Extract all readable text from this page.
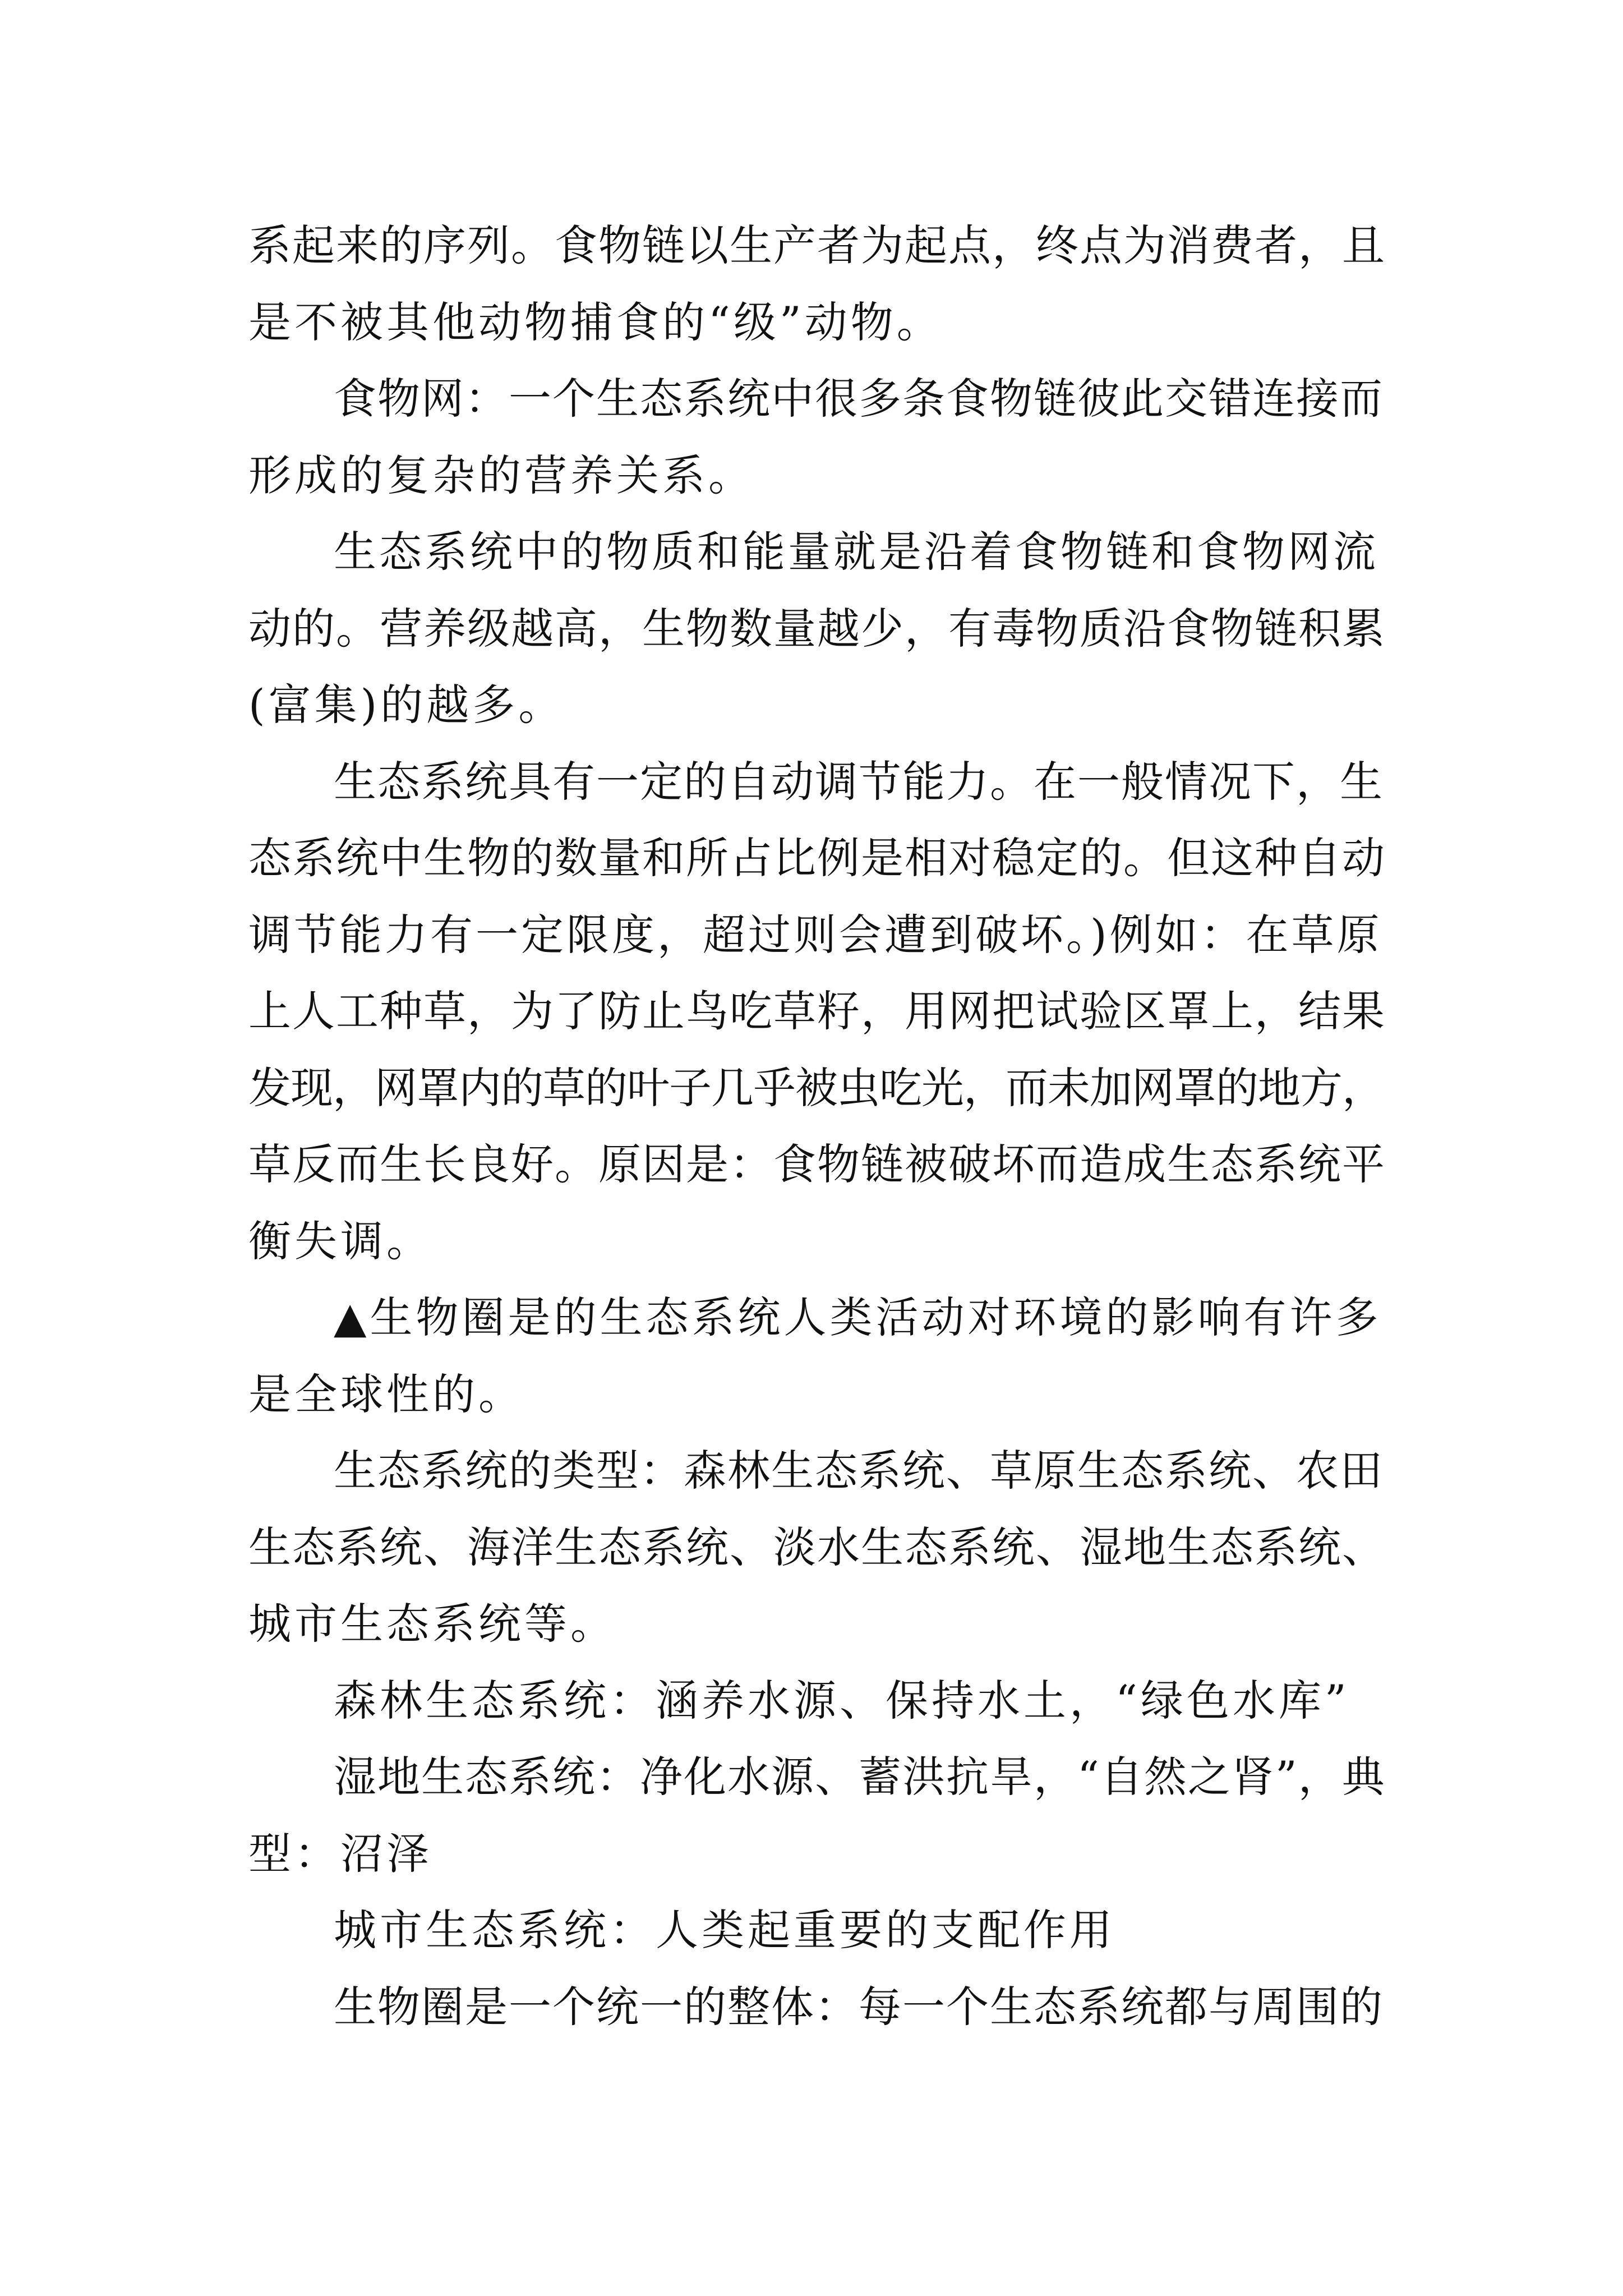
系起来的序列。食物链以生产者为起点，终点为消费者，且
是不被其他动物捕食的“级”动物。
食物网：一个生态系统中很多条食物链彼此交错连接而
形成的复杂的营养关系。
生态系统中的物质和能量就是沿着食物链和食物网流
动的。营养级越高，生物数量越少，有毒物质沿食物链积累
(富集)的越多。
生态系统具有一定的自动调节能力。在一般情况下，生
态系统中生物的数量和所占比例是相对稳定的。但这种自动
调节能力有一定限度，超过则会遭到破坏。)例如：在草原
上人工种草，为了防止鸟吃草籽，用网把试验区罩上，结果
发现，网罩内的草的叶子几乎被虫吃光，而未加网罩的地方，
草反而生长良好。原因是：食物链被破坏而造成生态系统平
衡失调。
▲生物圈是的生态系统人类活动对环境的影响有许多
是全球性的。
生态系统的类型：森林生态系统、草原生态系统、农田
生态系统、海洋生态系统、淡水生态系统、湿地生态系统、
城市生态系统等。
森林生态系统：涵养水源、保持水土，“绿色水库”
湿地生态系统：净化水源、蓄洪抗旱，“自然之肾”，典
型：沼泽
城市生态系统：人类起重要的支配作用
生物圈是一个统一的整体：每一个生态系统都与周围的
